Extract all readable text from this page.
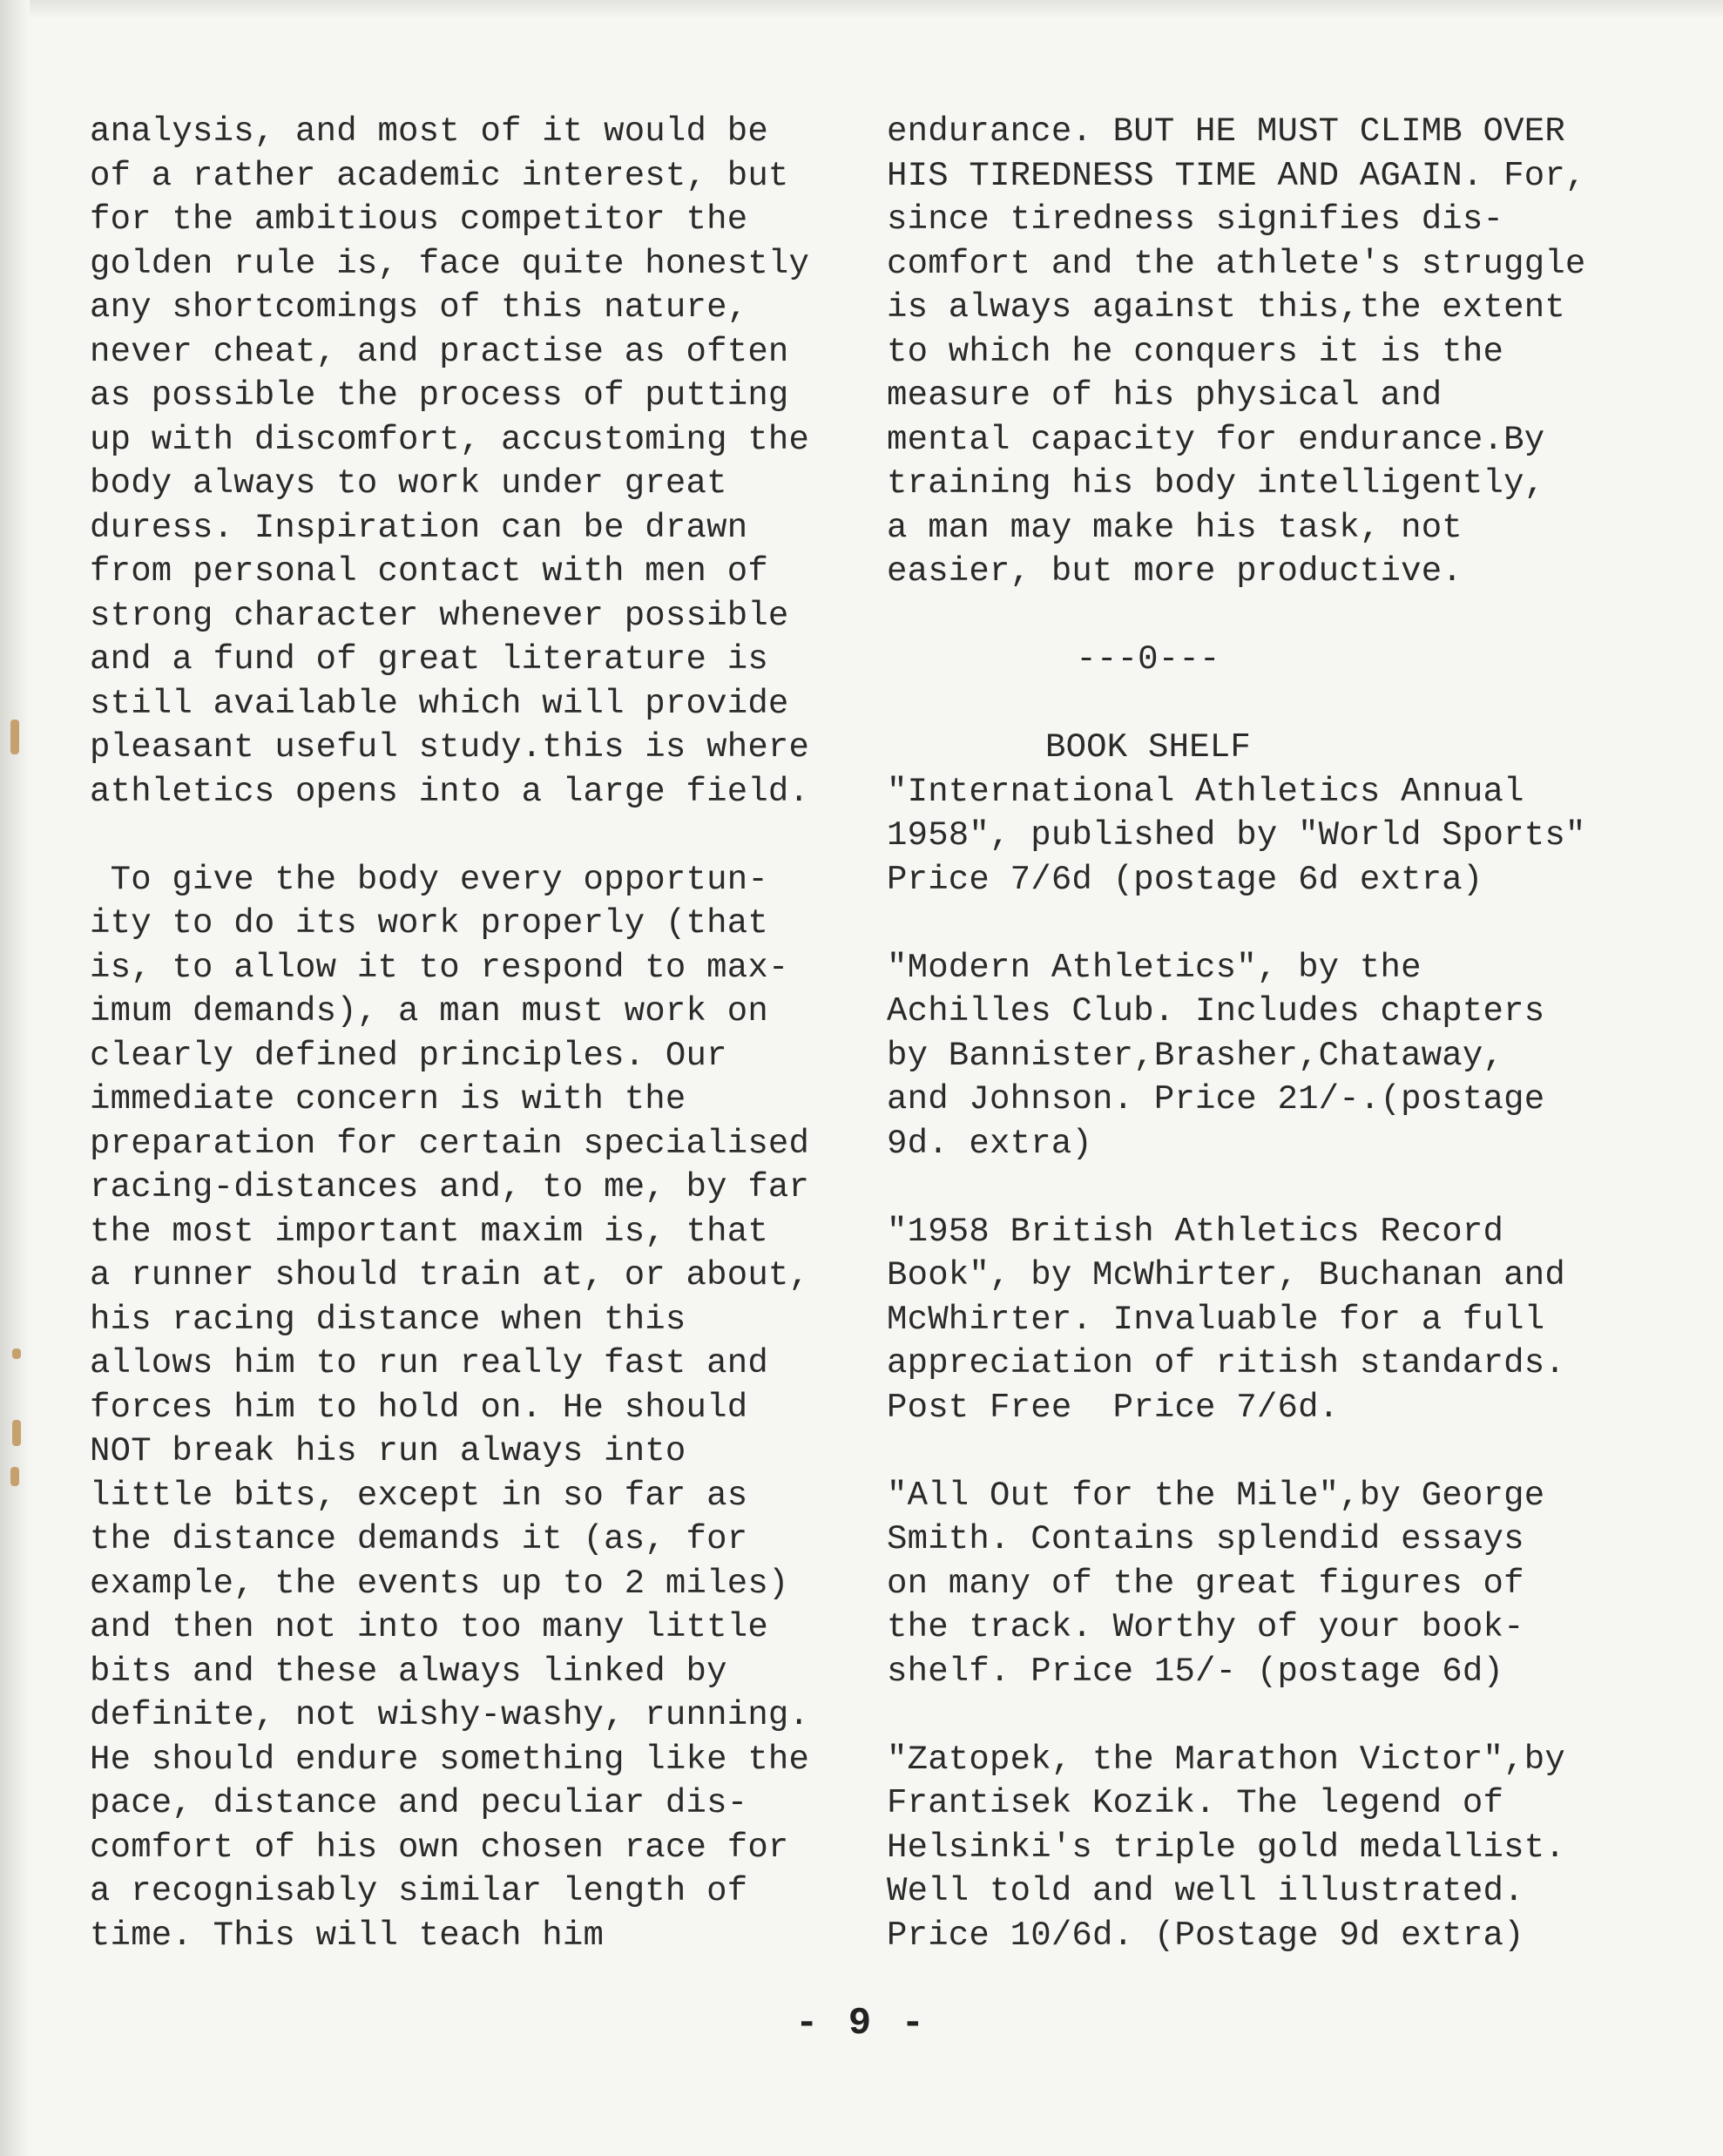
analysis, and most of it would be
of a rather academic interest, but
for the ambitious competitor the
golden rule is, face quite honestly
any shortcomings of this nature,
never cheat, and practise as often
as possible the process of putting
up with discomfort, accustoming the
body always to work under great
duress. Inspiration can be drawn
from personal contact with men of
strong character whenever possible
and a fund of great literature is
still available which will provide
pleasant useful study.this is where
athletics opens into a large field.
To give the body every opportun-
ity to do its work properly (that
is, to allow it to respond to max-
imum demands), a man must work on
clearly defined principles. Our
immediate concern is with the
preparation for certain specialised
racing-distances and, to me, by far
the most important maxim is, that
a runner should train at, or about,
his racing distance when this
allows him to run really fast and
forces him to hold on. He should
NOT break his run always into
little bits, except in so far as
the distance demands it (as, for
example, the events up to 2 miles)
and then not into too many little
bits and these always linked by
definite, not wishy-washy, running.
He should endure something like the
pace, distance and peculiar dis-
comfort of his own chosen race for
a recognisably similar length of
time. This will teach him
endurance. BUT HE MUST CLIMB OVER
HIS TIREDNESS TIME AND AGAIN. For,
since tiredness signifies dis-
comfort and the athlete's struggle
is always against this,the extent
to which he conquers it is the
measure of his physical and
mental capacity for endurance.By
training his body intelligently,
a man may make his task, not
easier, but more productive.
---0---
BOOK SHELF
"International Athletics Annual
1958", published by "World Sports"
Price 7/6d (postage 6d extra)
"Modern Athletics", by the
Achilles Club. Includes chapters
by Bannister,Brasher,Chataway,
and Johnson. Price 21/-.(postage
9d. extra)
"1958 British Athletics Record
Book", by McWhirter, Buchanan and
McWhirter. Invaluable for a full
appreciation of ritish standards.
Post Free  Price 7/6d.
"All Out for the Mile",by George
Smith. Contains splendid essays
on many of the great figures of
the track. Worthy of your book-
shelf. Price 15/- (postage 6d)
"Zatopek, the Marathon Victor",by
Frantisek Kozik. The legend of
Helsinki's triple gold medallist.
Well told and well illustrated.
Price 10/6d. (Postage 9d extra)
- 9 -
